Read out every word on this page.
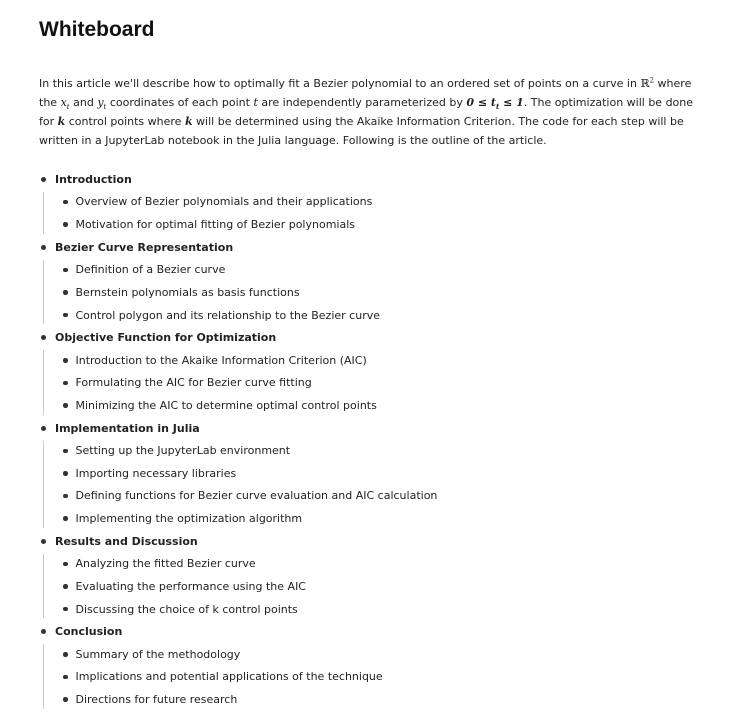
Whiteboard

In this article we'll describe how to optimally fit a Bezier polynomial to an ordered set of points on a curve in ℝ$^2$ where the $x_t$ and $y_t$ coordinates of each point t are independently parameterized by $0 \le t_t \le 1$. The optimization will be done for k control points where k will be determined using the Akaike Information Criterion. The code for each step will be written in a JupyterLab notebook in the Julia language. Following is the outline of the article.

Introduction
Overview of Bezier polynomials and their applications
Motivation for optimal fitting of Bezier polynomials
Bezier Curve Representation
Definition of a Bezier curve
Bernstein polynomials as basis functions
Control polygon and its relationship to the Bezier curve
Objective Function for Optimization
Introduction to the Akaike Information Criterion (AIC)
Formulating the AIC for Bezier curve fitting
Minimizing the AIC to determine optimal control points
Implementation in Julia
Setting up the JupyterLab environment
Importing necessary libraries
Defining functions for Bezier curve evaluation and AIC calculation
Implementing the optimization algorithm
Results and Discussion
Analyzing the fitted Bezier curve
Evaluating the performance using the AIC
Discussing the choice of k control points
Conclusion
Summary of the methodology
Implications and potential applications of the technique
Directions for future research
